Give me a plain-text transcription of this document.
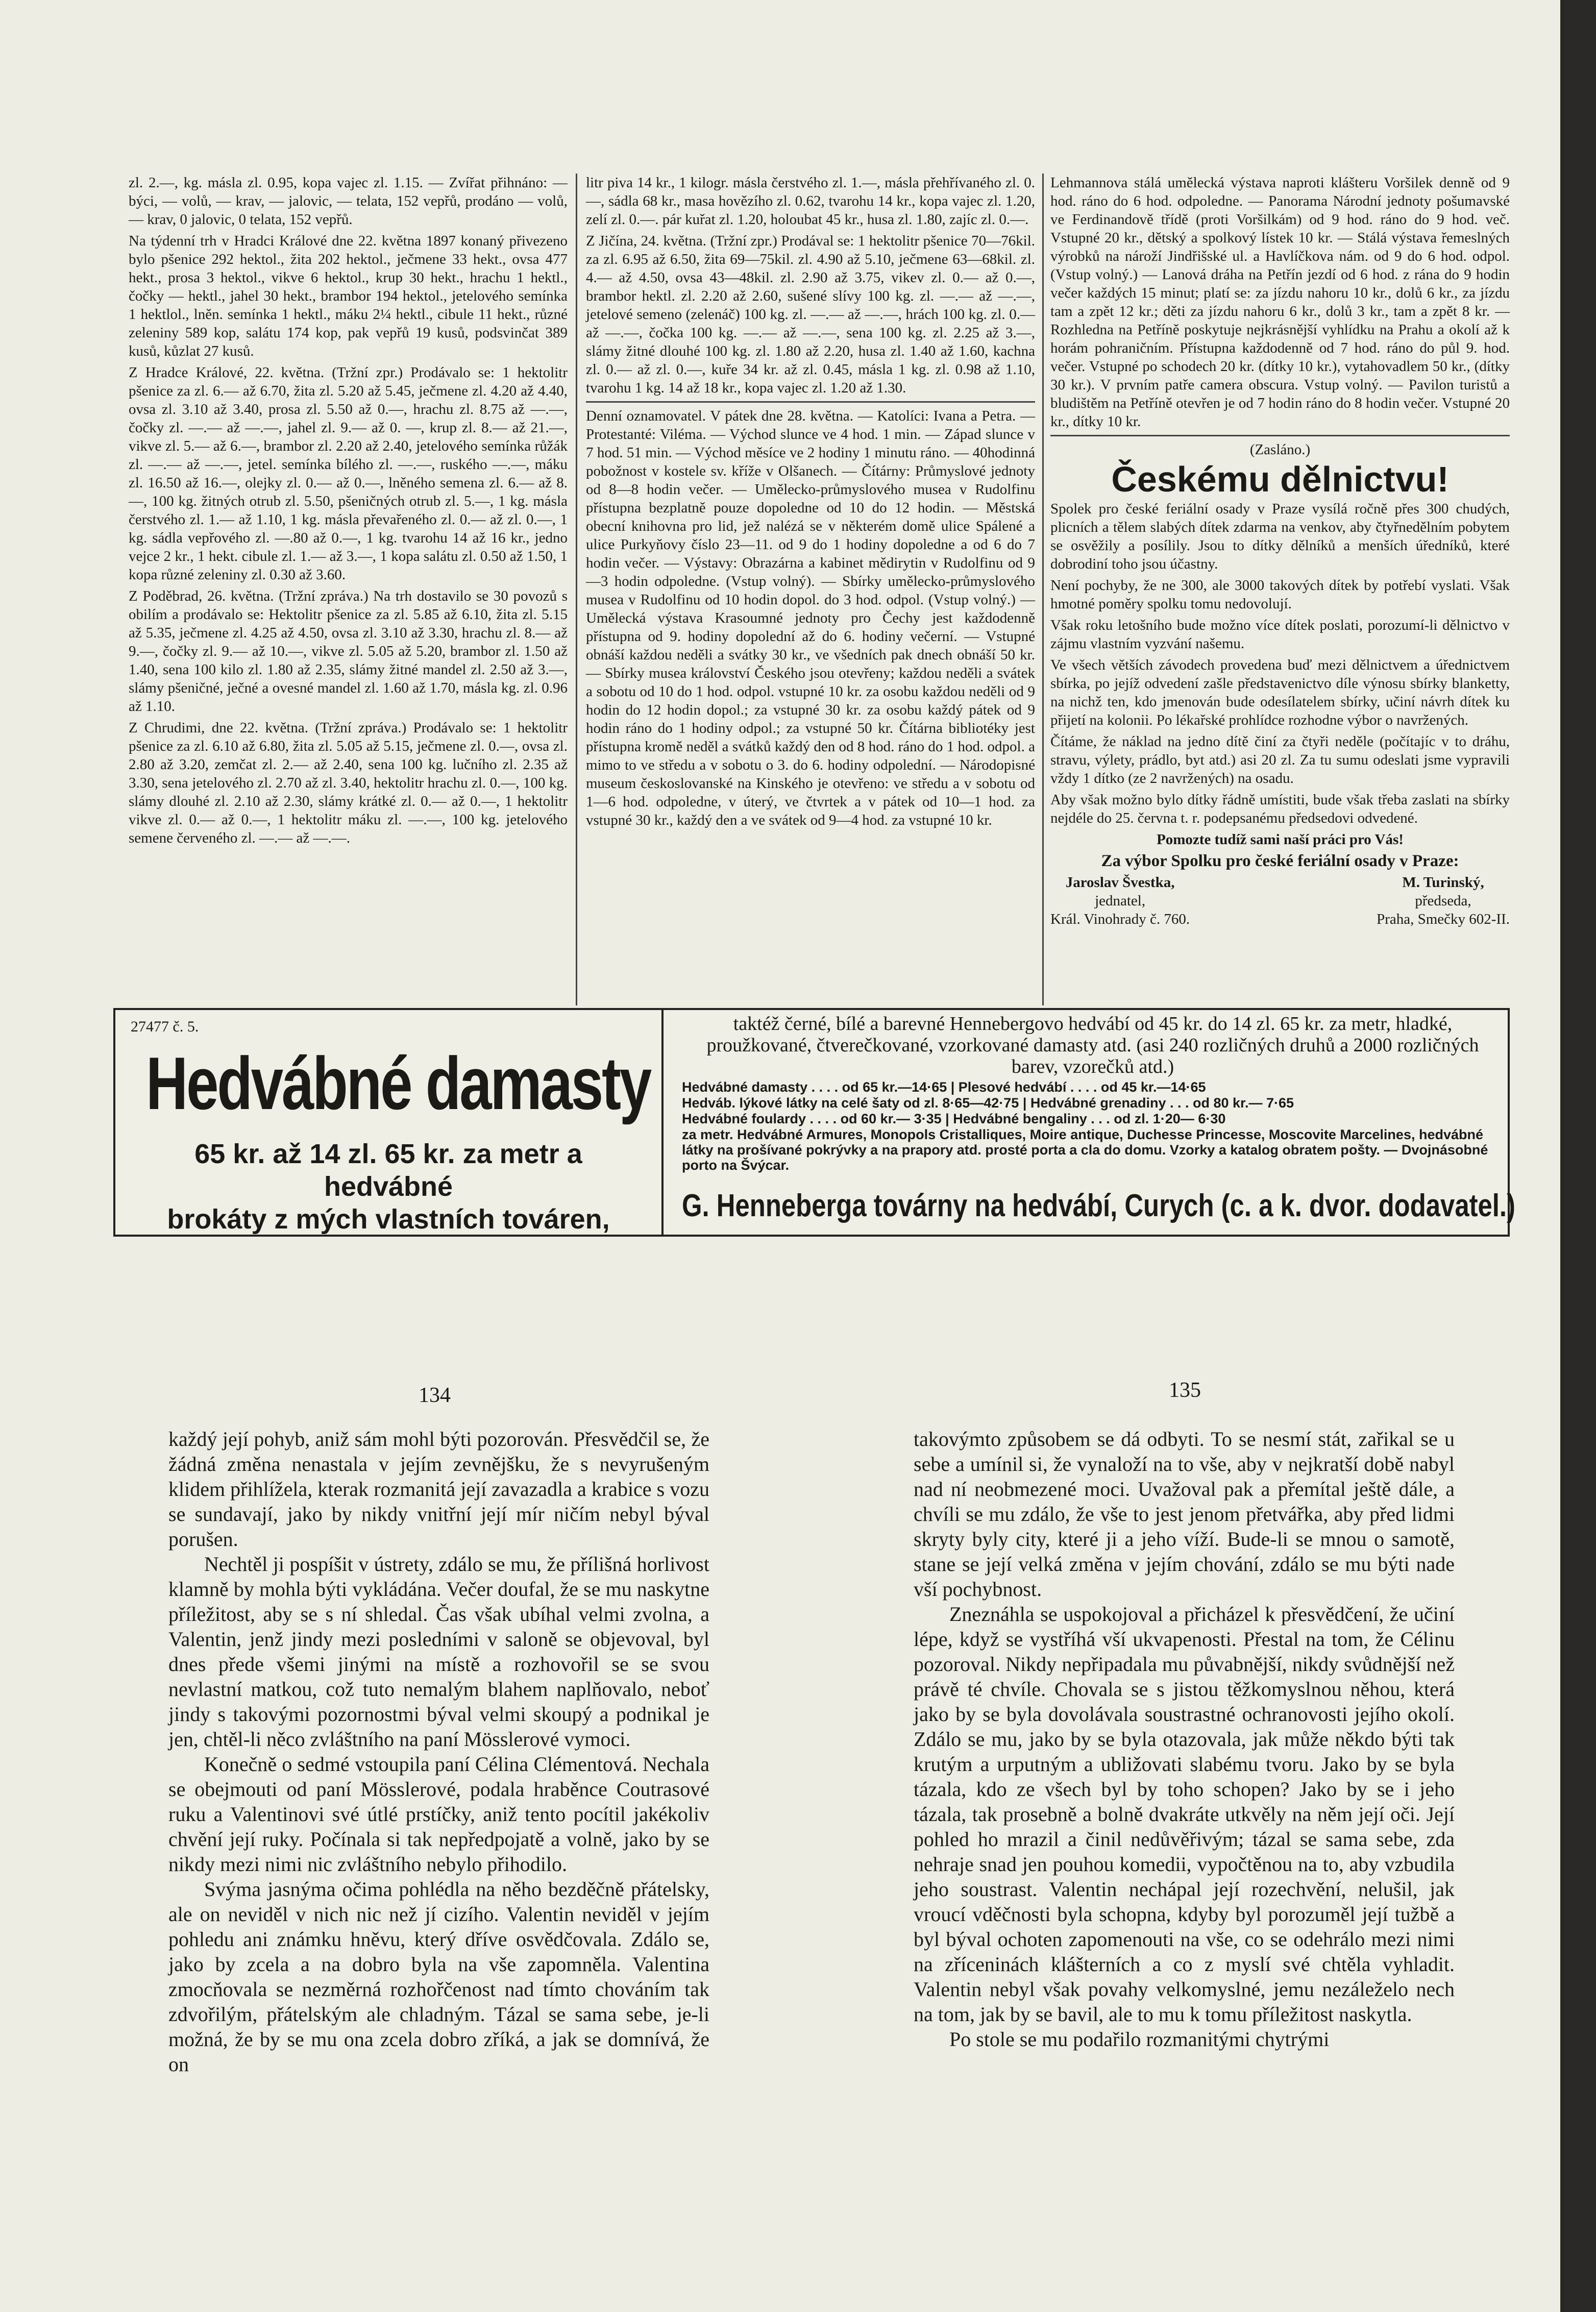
zl. 2.—, kg. másla zl. 0.95, kopa vajec zl. 1.15. — Zvířat přihnáno: — býci, — volů, — krav, — jalovic, — telata, 152 vepřů, prodáno — volů, — krav, 0 jalovic, 0 telata, 152 vepřů.

Na týdenní trh v Hradci Králové dne 22. května 1897 konaný přivezeno bylo pšenice 292 hektol., žita 202 hektol., ječmene 33 hekt., ovsa 477 hekt., prosa 3 hektol., vikve 6 hektol., krup 30 hekt., hrachu 1 hektl., čočky — hektl., jahel 30 hekt., brambor 194 hektol., jetelového semínka 1 hektlol., lněn. semínka 1 hektl., máku 2¼ hektl., cibule 11 hekt., různé zeleniny 589 kop, salátu 174 kop, pak vepřů 19 kusů, podsvinčat 389 kusů, kůzlat 27 kusů.

Z Hradce Králové, 22. května. (Tržní zpr.) Prodávalo se: 1 hektolitr pšenice za zl. 6.— až 6.70, žita zl. 5.20 až 5.45, ječmene zl. 4.20 až 4.40, ovsa zl. 3.10 až 3.40, prosa zl. 5.50 až 0.—, hrachu zl. 8.75 až —.—, čočky zl. —.— až —.—, jahel zl. 9.— až 0. —, krup zl. 8.— až 21.—, vikve zl. 5.— až 6.—, brambor zl. 2.20 až 2.40, jetelového semínka růžák zl. —.— až —.—, jetel. semínka bílého zl. —.—, ruského —.—, máku zl. 16.50 až 16.—, olejky zl. 0.— až 0.—, lněného semena zl. 6.— až 8.—, 100 kg. žitných otrub zl. 5.50, pšeničných otrub zl. 5.—, 1 kg. másla čerstvého zl. 1.— až 1.10, 1 kg. másla převařeného zl. 0.— až zl. 0.—, 1 kg. sádla vepřového zl. —.80 až 0.—, 1 kg. tvarohu 14 až 16 kr., jedno vejce 2 kr., 1 hekt. cibule zl. 1.— až 3.—, 1 kopa salátu zl. 0.50 až 1.50, 1 kopa různé zeleniny zl. 0.30 až 3.60.

Z Poděbrad, 26. května. (Tržní zpráva.) Na trh dostavilo se 30 povozů s obilím a prodávalo se: Hektolitr pšenice za zl. 5.85 až 6.10, žita zl. 5.15 až 5.35, ječmene zl. 4.25 až 4.50, ovsa zl. 3.10 až 3.30, hrachu zl. 8.— až 9.—, čočky zl. 9.— až 10.—, vikve zl. 5.05 až 5.20, brambor zl. 1.50 až 1.40, sena 100 kilo zl. 1.80 až 2.35, slámy žitné mandel zl. 2.50 až 3.—, slámy pšeničné, ječné a ovesné mandel zl. 1.60 až 1.70, másla kg. zl. 0.96 až 1.10.

Z Chrudimi, dne 22. května. (Tržní zpráva.) Prodávalo se: 1 hektolitr pšenice za zl. 6.10 až 6.80, žita zl. 5.05 až 5.15, ječmene zl. 0.—, ovsa zl. 2.80 až 3.20, zemčat zl. 2.— až 2.40, sena 100 kg. lučního zl. 2.35 až 3.30, sena jetelového zl. 2.70 až zl. 3.40, hektolitr hrachu zl. 0.—, 100 kg. slámy dlouhé zl. 2.10 až 2.30, slámy krátké zl. 0.— až 0.—, 1 hektolitr vikve zl. 0.— až 0.—, 1 hektolitr máku zl. —.—, 100 kg. jetelového semene červeného zl. —.— až —.—.

litr piva 14 kr., 1 kilogr. másla čerstvého zl. 1.—, másla přehřívaného zl. 0.—, sádla 68 kr., masa hovězího zl. 0.62, tvarohu 14 kr., kopa vajec zl. 1.20, zelí zl. 0.—. pár kuřat zl. 1.20, holoubat 45 kr., husa zl. 1.80, zajíc zl. 0.—.

Z Jičína, 24. května. (Tržní zpr.) Prodával se: 1 hektolitr pšenice 70—76kil. za zl. 6.95 až 6.50, žita 69—75kil. zl. 4.90 až 5.10, ječmene 63—68kil. zl. 4.— až 4.50, ovsa 43—48kil. zl. 2.90 až 3.75, vikev zl. 0.— až 0.—, brambor hektl. zl. 2.20 až 2.60, sušené slívy 100 kg. zl. —.— až —.—, jetelové semeno (zelenáč) 100 kg. zl. —.— až —.—, hrách 100 kg. zl. 0.— až —.—, čočka 100 kg. —.— až —.—, sena 100 kg. zl. 2.25 až 3.—, slámy žitné dlouhé 100 kg. zl. 1.80 až 2.20, husa zl. 1.40 až 1.60, kachna zl. 0.— až zl. 0.—, kuře 34 kr. až zl. 0.45, másla 1 kg. zl. 0.98 až 1.10, tvarohu 1 kg. 14 až 18 kr., kopa vajec zl. 1.20 až 1.30.

Denní oznamovatel. V pátek dne 28. května. — Katolíci: Ivana a Petra. — Protestanté: Viléma. — Východ slunce ve 4 hod. 1 min. — Západ slunce v 7 hod. 51 min. — Východ měsíce ve 2 hodiny 1 minutu ráno. — 40hodinná pobožnost v kostele sv. kříže v Olšanech. — Čítárny: Průmyslové jednoty od 8—8 hodin večer. — Umělecko-průmyslového musea v Rudolfinu přístupna bezplatně pouze dopoledne od 10 do 12 hodin. — Městská obecní knihovna pro lid, jež nalézá se v některém domě ulice Spálené a ulice Purkyňovy číslo 23—11. od 9 do 1 hodiny dopoledne a od 6 do 7 hodin večer. — Výstavy: Obrazárna a kabinet mědirytin v Rudolfinu od 9—3 hodin odpoledne. (Vstup volný). — Sbírky umělecko-průmyslového musea v Rudolfinu od 10 hodin dopol. do 3 hod. odpol. (Vstup volný.) — Umělecká výstava Krasoumné jednoty pro Čechy jest každodenně přístupna od 9. hodiny dopolední až do 6. hodiny večerní. — Vstupné obnáší každou neděli a svátky 30 kr., ve všedních pak dnech obnáší 50 kr. — Sbírky musea království Českého jsou otevřeny; každou neděli a svátek a sobotu od 10 do 1 hod. odpol. vstupné 10 kr. za osobu každou neděli od 9 hodin do 12 hodin dopol.; za vstupné 30 kr. za osobu každý pátek od 9 hodin ráno do 1 hodiny odpol.; za vstupné 50 kr. Čítárna bibliotéky jest přístupna kromě neděl a svátků každý den od 8 hod. ráno do 1 hod. odpol. a mimo to ve středu a v sobotu o 3. do 6. hodiny odpolední. — Národopisné museum českoslovanské na Kinského je otevřeno: ve středu a v sobotu od 1—6 hod. odpoledne, v úterý, ve čtvrtek a v pátek od 10—1 hod. za vstupné 30 kr., každý den a ve svátek od 9—4 hod. za vstupné 10 kr.

Lehmannova stálá umělecká výstava naproti klášteru Voršilek denně od 9 hod. ráno do 6 hod. odpoledne. — Panorama Národní jednoty pošumavské ve Ferdinandově třídě (proti Voršilkám) od 9 hod. ráno do 9 hod. več. Vstupné 20 kr., dětský a spolkový lístek 10 kr. — Stálá výstava řemeslných výrobků na nároží Jindřišské ul. a Havlíčkova nám. od 9 do 6 hod. odpol. (Vstup volný.) — Lanová dráha na Petřín jezdí od 6 hod. z rána do 9 hodin večer každých 15 minut; platí se: za jízdu nahoru 10 kr., dolů 6 kr., za jízdu tam a zpět 12 kr.; děti za jízdu nahoru 6 kr., dolů 3 kr., tam a zpět 8 kr. — Rozhledna na Petříně poskytuje nejkrásnější vyhlídku na Prahu a okolí až k horám pohraničním. Přístupna každodenně od 7 hod. ráno do půl 9. hod. večer. Vstupné po schodech 20 kr. (dítky 10 kr.), vytahovadlem 50 kr., (dítky 30 kr.). V prvním patře camera obscura. Vstup volný. — Pavilon turistů a bludištěm na Petříně otevřen je od 7 hodin ráno do 8 hodin večer. Vstupné 20 kr., dítky 10 kr.

(Zasláno.)
Českému dělnictvu!

Spolek pro české feriální osady v Praze vysílá ročně přes 300 chudých, plicních a tělem slabých dítek zdarma na venkov, aby čtyřnedělním pobytem se osvěžily a posílily. Jsou to dítky dělníků a menších úředníků, které dobrodiní toho jsou účastny.

Není pochyby, že ne 300, ale 3000 takových dítek by potřebí vyslati. Však hmotné poměry spolku tomu nedovolují.

Však roku letošního bude možno více dítek poslati, porozumí-li dělnictvo v zájmu vlastním vyzvání našemu.

Ve všech větších závodech provedena buď mezi dělnictvem a úřednictvem sbírka, po jejíž odvedení zašle představenictvo díle výnosu sbírky blanketty, na nichž ten, kdo jmenován bude odesílatelem sbírky, učiní návrh dítek ku přijetí na kolonii. Po lékařské prohlídce rozhodne výbor o navržených.

Čítáme, že náklad na jedno dítě činí za čtyři neděle (počítajíc v to dráhu, stravu, výlety, prádlo, byt atd.) asi 20 zl. Za tu sumu odeslati jsme vypravili vždy 1 dítko (ze 2 navržených) na osadu.

Aby však možno bylo dítky řádně umístiti, bude však třeba zaslati na sbírky nejdéle do 25. června t. r. podepsanému předsedovi odvedené.

Pomozte tudíž sami naší práci pro Vás!

Za výbor Spolku pro české feriální osady v Praze:

Jaroslav Švestka,
jednatel,
Král. Vinohrady č. 760.
M. Turinský,
předseda,
Praha, Smečky 602-II.
27477 č. 5.
Hedvábné damasty
65 kr. až 14 zl. 65 kr. za metr a hedvábné
brokáty z mých vlastních továren,
taktéž černé, bílé a barevné Hennebergovo hedvábí od 45 kr. do 14 zl. 65 kr. za metr, hladké, proužkované, čtverečkované, vzorkované damasty atd. (asi 240 rozličných druhů a 2000 rozličných barev, vzorečků atd.)
Hedvábné damasty . . . . od 65 kr.—14·65 | Plesové hedvábí . . . . od 45 kr.—14·65
Hedváb. lýkové látky na celé šaty od zl. 8·65—42·75 | Hedvábné grenadiny . . . od 80 kr.— 7·65
Hedvábné foulardy . . . . od 60 kr.— 3·35 | Hedvábné bengaliny . . . od zl. 1·20— 6·30
za metr. Hedvábné Armures, Monopols Cristalliques, Moire antique, Duchesse Princesse, Moscovite Marcelines, hedvábné látky na prošívané pokrývky a na prapory atd. prosté porta a cla do domu. Vzorky a katalog obratem pošty. — Dvojnásobné porto na Švýcar.
G. Henneberga továrny na hedvábí, Curych (c. a k. dvor. dodavatel.)
134	135

každý její pohyb, aniž sám mohl býti pozorován. Přesvědčil se, že žádná změna nenastala v jejím zevnějšku, že s nevyrušeným klidem přihlížela, kterak rozmanitá její zavazadla a krabice s vozu se sundavají, jako by nikdy vnitřní její mír ničím nebyl býval porušen.

Nechtěl ji pospíšit v ústrety, zdálo se mu, že přílišná horlivost klamně by mohla býti vykládána. Večer doufal, že se mu naskytne příležitost, aby se s ní shledal. Čas však ubíhal velmi zvolna, a Valentin, jenž jindy mezi posledními v saloně se objevoval, byl dnes přede všemi jinými na místě a rozhovořil se se svou nevlastní matkou, což tuto nemalým blahem naplňovalo, neboť jindy s takovými pozornostmi býval velmi skoupý a podnikal je jen, chtěl-li něco zvláštního na paní Mösslerové vymoci.

Konečně o sedmé vstoupila paní Célina Clémentová. Nechala se obejmouti od paní Mösslerové, podala hraběnce Coutrasové ruku a Valentinovi své útlé prstíčky, aniž tento pocítil jakékoliv chvění její ruky. Počínala si tak nepředpojatě a volně, jako by se nikdy mezi nimi nic zvláštního nebylo přihodilo.

Svýma jasnýma očima pohlédla na něho bezděčně přátelsky, ale on neviděl v nich nic než jí cizího. Valentin neviděl v jejím pohledu ani známku hněvu, který dříve osvědčovala. Zdálo se, jako by zcela a na dobro byla na vše zapomněla. Valentina zmocňovala se nezměrná rozhořčenost nad tímto chováním tak zdvořilým, přátelským ale chladným. Tázal se sama sebe, je-li možná, že by se mu ona zcela dobro zříká, a jak se domnívá, že on

takovýmto způsobem se dá odbyti. To se nesmí stát, zařikal se u sebe a umínil si, že vynaloží na to vše, aby v nejkratší době nabyl nad ní neobmezené moci. Uvažoval pak a přemítal ještě dále, a chvíli se mu zdálo, že vše to jest jenom přetvářka, aby před lidmi skryty byly city, které ji a jeho víží. Bude-li se mnou o samotě, stane se její velká změna v jejím chování, zdálo se mu býti nade vší pochybnost.

Zneznáhla se uspokojoval a přicházel k přesvědčení, že učiní lépe, když se vystříhá vší ukvapenosti. Přestal na tom, že Célinu pozoroval. Nikdy nepřipadala mu půvabnější, nikdy svůdnější než právě té chvíle. Chovala se s jistou těžkomyslnou něhou, která jako by se byla dovolávala soustrastné ochranovosti jejího okolí. Zdálo se mu, jako by se byla otazovala, jak může někdo býti tak krutým a urputným a ubližovati slabému tvoru. Jako by se byla tázala, kdo ze všech byl by toho schopen? Jako by se i jeho tázala, tak prosebně a bolně dvakráte utkvěly na něm její oči. Její pohled ho mrazil a činil nedůvěřivým; tázal se sama sebe, zda nehraje snad jen pouhou komedii, vypočtěnou na to, aby vzbudila jeho soustrast. Valentin nechápal její rozechvění, nelušil, jak vroucí vděčnosti byla schopna, kdyby byl porozuměl její tužbě a byl býval ochoten zapomenouti na vše, co se odehrálo mezi nimi na zříceninách klášterních a co z myslí své chtěla vyhladit. Valentin nebyl však povahy velkomyslné, jemu nezáleželo nech na tom, jak by se bavil, ale to mu k tomu příležitost naskytla.

Po stole se mu podařilo rozmanitými chytrými
